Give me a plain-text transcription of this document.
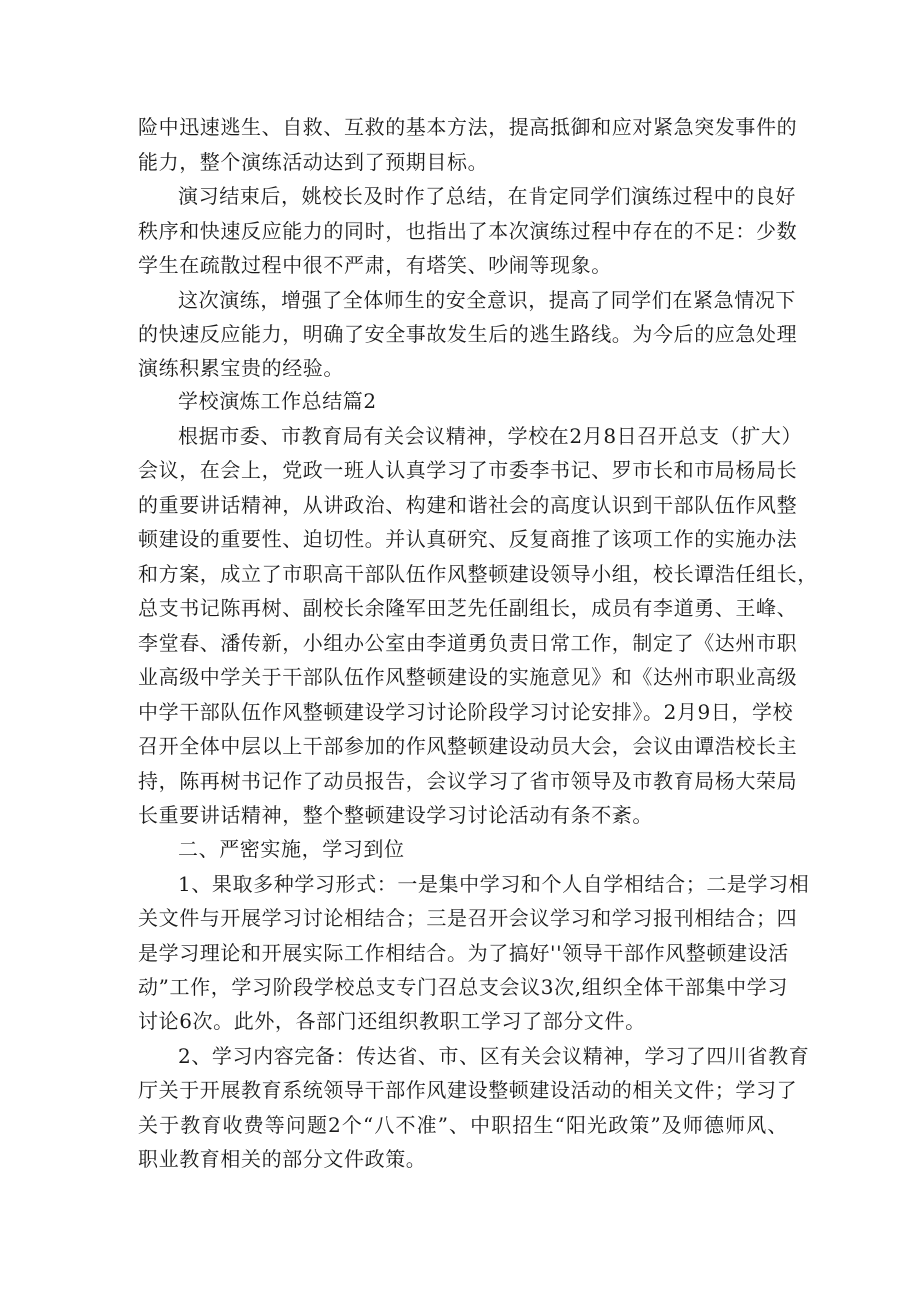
险中迅速逃生、自救、互救的基本方法，提高抵御和应对紧急突发事件的
能力，整个演练活动达到了预期目标。
演习结束后，姚校长及时作了总结，在肯定同学们演练过程中的良好
秩序和快速反应能力的同时，也指出了本次演练过程中存在的不足：少数
学生在疏散过程中很不严肃，有塔笑、吵闹等现象。
这次演练，增强了全体师生的安全意识，提高了同学们在紧急情况下
的快速反应能力，明确了安全事故发生后的逃生路线。为今后的应急处理
演练积累宝贵的经验。
学校演炼工作总结篇2
根据市委、市教育局有关会议精神，学校在2月8日召开总支（扩大）
会议，在会上，党政一班人认真学习了市委李书记、罗市长和市局杨局长
的重要讲话精神，从讲政治、构建和谐社会的高度认识到干部队伍作风整
顿建设的重要性、迫切性。并认真研究、反复商推了该项工作的实施办法
和方案，成立了市职高干部队伍作风整顿建设领导小组，校长谭浩任组长，
总支书记陈再树、副校长余隆军田芝先任副组长，成员有李道勇、王峰、
李堂春、潘传新，小组办公室由李道勇负责日常工作，制定了《达州市职
业高级中学关于干部队伍作风整顿建设的实施意见》和《达州市职业高级
中学干部队伍作风整顿建设学习讨论阶段学习讨论安排》。2月9日，学校
召开全体中层以上干部参加的作风整顿建设动员大会，会议由谭浩校长主
持，陈再树书记作了动员报告，会议学习了省市领导及市教育局杨大荣局
长重要讲话精神，整个整顿建设学习讨论活动有条不紊。
二、严密实施，学习到位
1、果取多种学习形式：一是集中学习和个人自学相结合；二是学习相
关文件与开展学习讨论相结合；三是召开会议学习和学习报刊相结合；四
是学习理论和开展实际工作相结合。为了搞好''领导干部作风整顿建设活
动”工作，学习阶段学校总支专门召总支会议3次,组织全体干部集中学习
讨论6次。此外，各部门还组织教职工学习了部分文件。
2、学习内容完备：传达省、市、区有关会议精神，学习了四川省教育
厅关于开展教育系统领导干部作风建设整顿建设活动的相关文件；学习了
关于教育收费等问题2个“八不准”、中职招生“阳光政策”及师德师风、
职业教育相关的部分文件政策。
